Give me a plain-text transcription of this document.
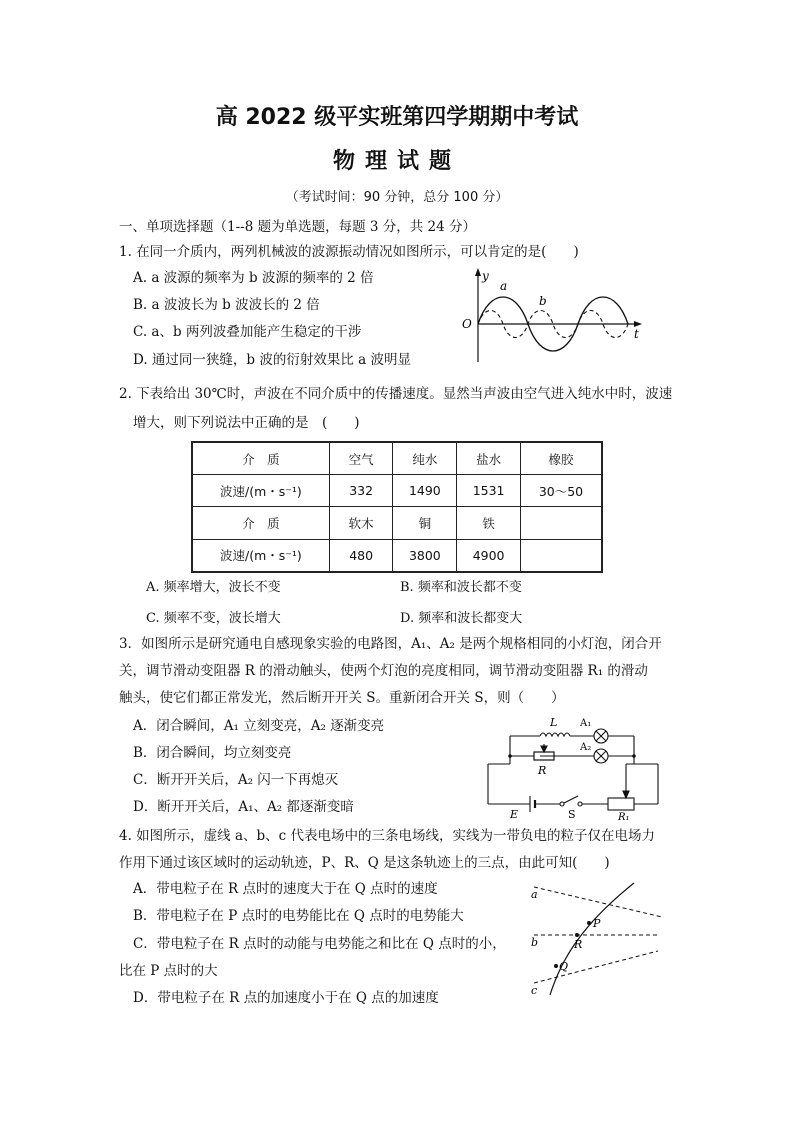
高 2022 级平实班第四学期期中考试
物理试题
（考试时间：90 分钟，总分 100 分）
一、单项选择题（1--8 题为单选题，每题 3 分，共 24 分）
1. 在同一介质内，两列机械波的波源振动情况如图所示，可以肯定的是(　　)
A. a 波源的频率为 b 波源的频率的 2 倍
B. a 波波长为 b 波波长的 2 倍
C. a、b 两列波叠加能产生稳定的干涉
D. 通过同一狭缝，b 波的衍射效果比 a 波明显
y
a
b
O
t
2. 下表给出 30℃时，声波在不同介质中的传播速度。显然当声波由空气进入纯水中时，波速
增大，则下列说法中正确的是　(　　)
介　质	空气	纯水	盐水	橡胶
波速/(m・s⁻¹)	332	1490	1531	30～50
介　质	软木	铜	铁	
波速/(m・s⁻¹)	480	3800	4900	
A. 频率增大，波长不变	B. 频率和波长都不变
C. 频率不变，波长增大	D. 频率和波长都变大
3．如图所示是研究通电自感现象实验的电路图，A₁、A₂ 是两个规格相同的小灯泡，闭合开
关，调节滑动变阻器 R 的滑动触头，使两个灯泡的亮度相同，调节滑动变阻器 R₁ 的滑动
触头，使它们都正常发光，然后断开开关 S。重新闭合开关 S，则（　　）
A．闭合瞬间，A₁ 立刻变亮，A₂ 逐渐变亮
B．闭合瞬间，均立刻变亮
C．断开开关后，A₂ 闪一下再熄灭
D．断开开关后，A₁、A₂ 都逐渐变暗
L A₁
A₂
R
E	S	R₁
4. 如图所示，虚线 a、b、c 代表电场中的三条电场线，实线为一带负电的粒子仅在电场力
作用下通过该区域时的运动轨迹，P、R、Q 是这条轨迹上的三点，由此可知(　　)
A．带电粒子在 R 点时的速度大于在 Q 点时的速度
B．带电粒子在 P 点时的电势能比在 Q 点时的电势能大
C．带电粒子在 R 点时的动能与电势能之和比在 Q 点时的小，
比在 P 点时的大
D．带电粒子在 R 点的加速度小于在 Q 点的加速度
a
b
c
P
R
Q
